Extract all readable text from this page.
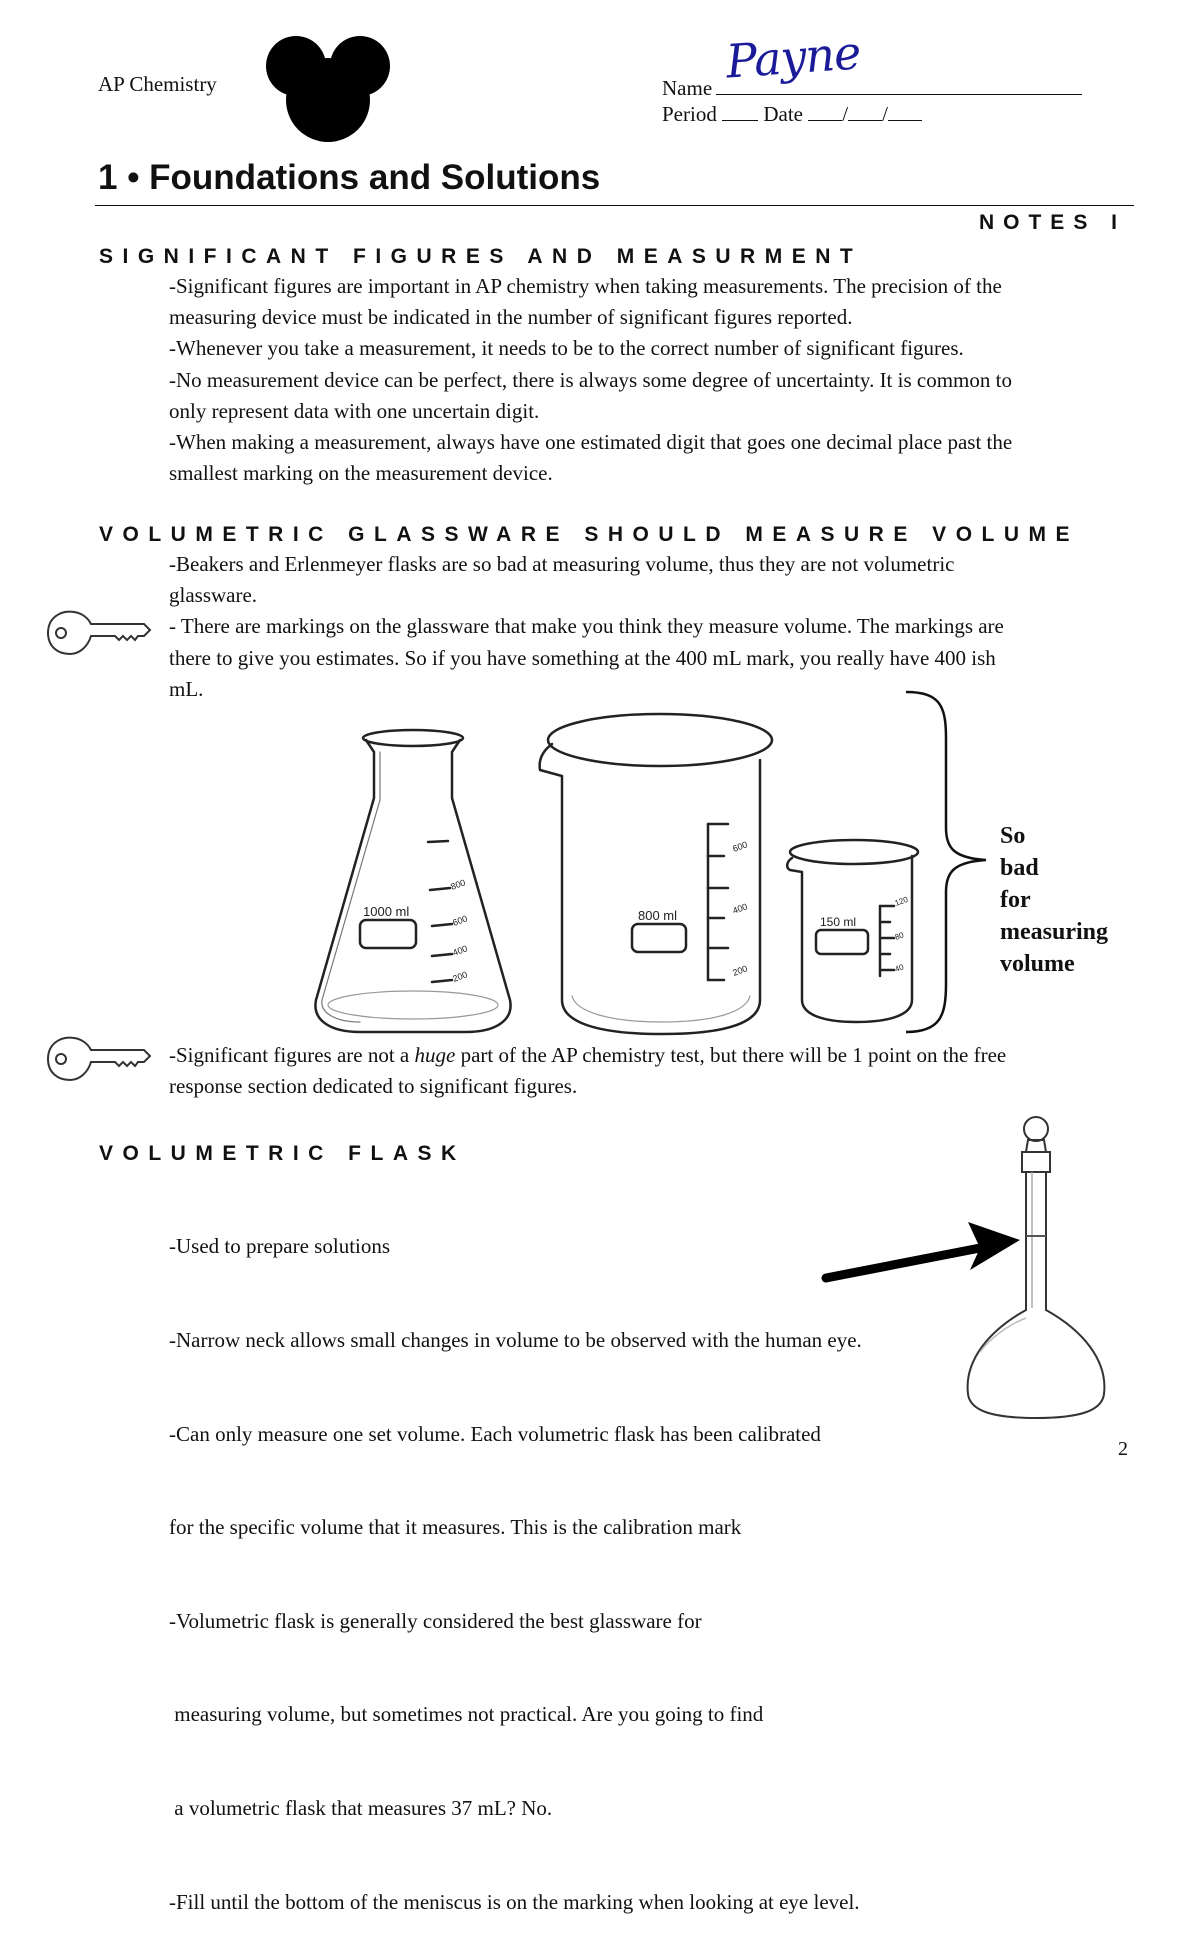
AP Chemistry	Name Payne
Period Date / /
1 • Foundations and Solutions
NOTES I
SIGNIFICANT FIGURES AND MEASURMENT

-Significant figures are important in AP chemistry when taking measurements. The precision of the

measuring device must be indicated in the number of significant figures reported.

-Whenever you take a measurement, it needs to be to the correct number of significant figures.

-No measurement device can be perfect, there is always some degree of uncertainty. It is common to

only represent data with one uncertain digit.

-When making a measurement, always have one estimated digit that goes one decimal place past the

smallest marking on the measurement device.

VOLUMETRIC GLASSWARE SHOULD MEASURE VOLUME

-Beakers and Erlenmeyer flasks are so bad at measuring volume, thus they are not volumetric

glassware.

- There are markings on the glassware that make you think they measure volume. The markings are

there to give you estimates. So if you have something at the 400 mL mark, you really have 400 ish

mL.

1000 ml
800
600
400
200
800 ml
600
400
200
150 ml
120
80
40
So
bad
for
measuring
volume

-Significant figures are not a huge part of the AP chemistry test, but there will be 1 point on the free

response section dedicated to significant figures.

VOLUMETRIC FLASK

-Used to prepare solutions

-Narrow neck allows small changes in volume to be observed with the human eye.

-Can only measure one set volume. Each volumetric flask has been calibrated

for the specific volume that it measures. This is the calibration mark

-Volumetric flask is generally considered the best glassware for

measuring volume, but sometimes not practical. Are you going to find

a volumetric flask that measures 37 mL? No.

-Fill until the bottom of the meniscus is on the marking when looking at eye level.

2
